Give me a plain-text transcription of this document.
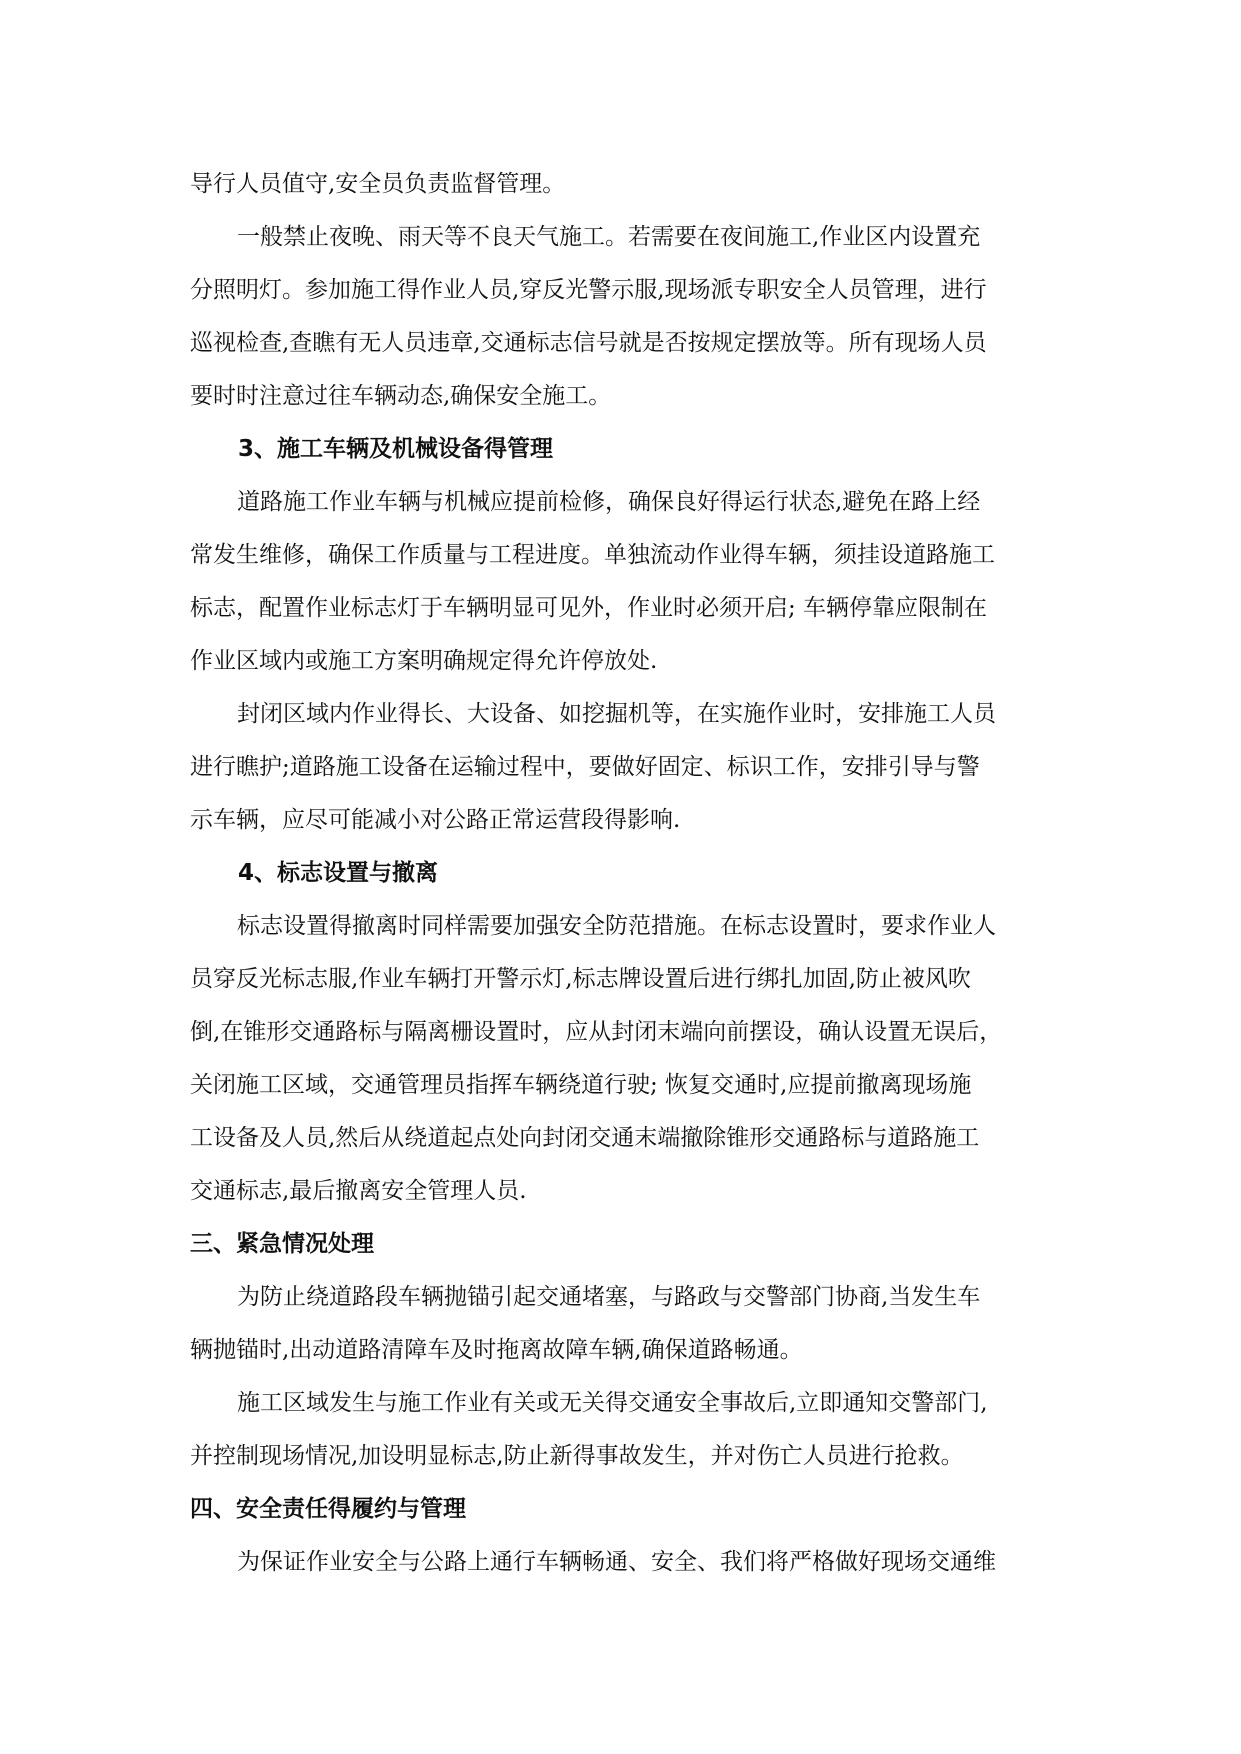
导行人员值守,安全员负责监督管理。
一般禁止夜晚、雨天等不良天气施工。若需要在夜间施工,作业区内设置充
分照明灯。参加施工得作业人员,穿反光警示服,现场派专职安全人员管理，进行
巡视检查,查瞧有无人员违章,交通标志信号就是否按规定摆放等。所有现场人员
要时时注意过往车辆动态,确保安全施工。
3、施工车辆及机械设备得管理
道路施工作业车辆与机械应提前检修，确保良好得运行状态,避免在路上经
常发生维修，确保工作质量与工程进度。单独流动作业得车辆，须挂设道路施工
标志，配置作业标志灯于车辆明显可见外，作业时必须开启; 车辆停靠应限制在
作业区域内或施工方案明确规定得允许停放处.
封闭区域内作业得长、大设备、如挖掘机等，在实施作业时，安排施工人员
进行瞧护;道路施工设备在运输过程中，要做好固定、标识工作，安排引导与警
示车辆，应尽可能减小对公路正常运营段得影响.
4、标志设置与撤离
标志设置得撤离时同样需要加强安全防范措施。在标志设置时，要求作业人
员穿反光标志服,作业车辆打开警示灯,标志牌设置后进行绑扎加固,防止被风吹
倒,在锥形交通路标与隔离栅设置时，应从封闭末端向前摆设，确认设置无误后，
关闭施工区域，交通管理员指挥车辆绕道行驶; 恢复交通时,应提前撤离现场施
工设备及人员,然后从绕道起点处向封闭交通末端撤除锥形交通路标与道路施工
交通标志,最后撤离安全管理人员.
三、紧急情况处理
为防止绕道路段车辆抛锚引起交通堵塞，与路政与交警部门协商,当发生车
辆抛锚时,出动道路清障车及时拖离故障车辆,确保道路畅通。
施工区域发生与施工作业有关或无关得交通安全事故后,立即通知交警部门,
并控制现场情况,加设明显标志,防止新得事故发生，并对伤亡人员进行抢救。
四、安全责任得履约与管理
为保证作业安全与公路上通行车辆畅通、安全、我们将严格做好现场交通维
